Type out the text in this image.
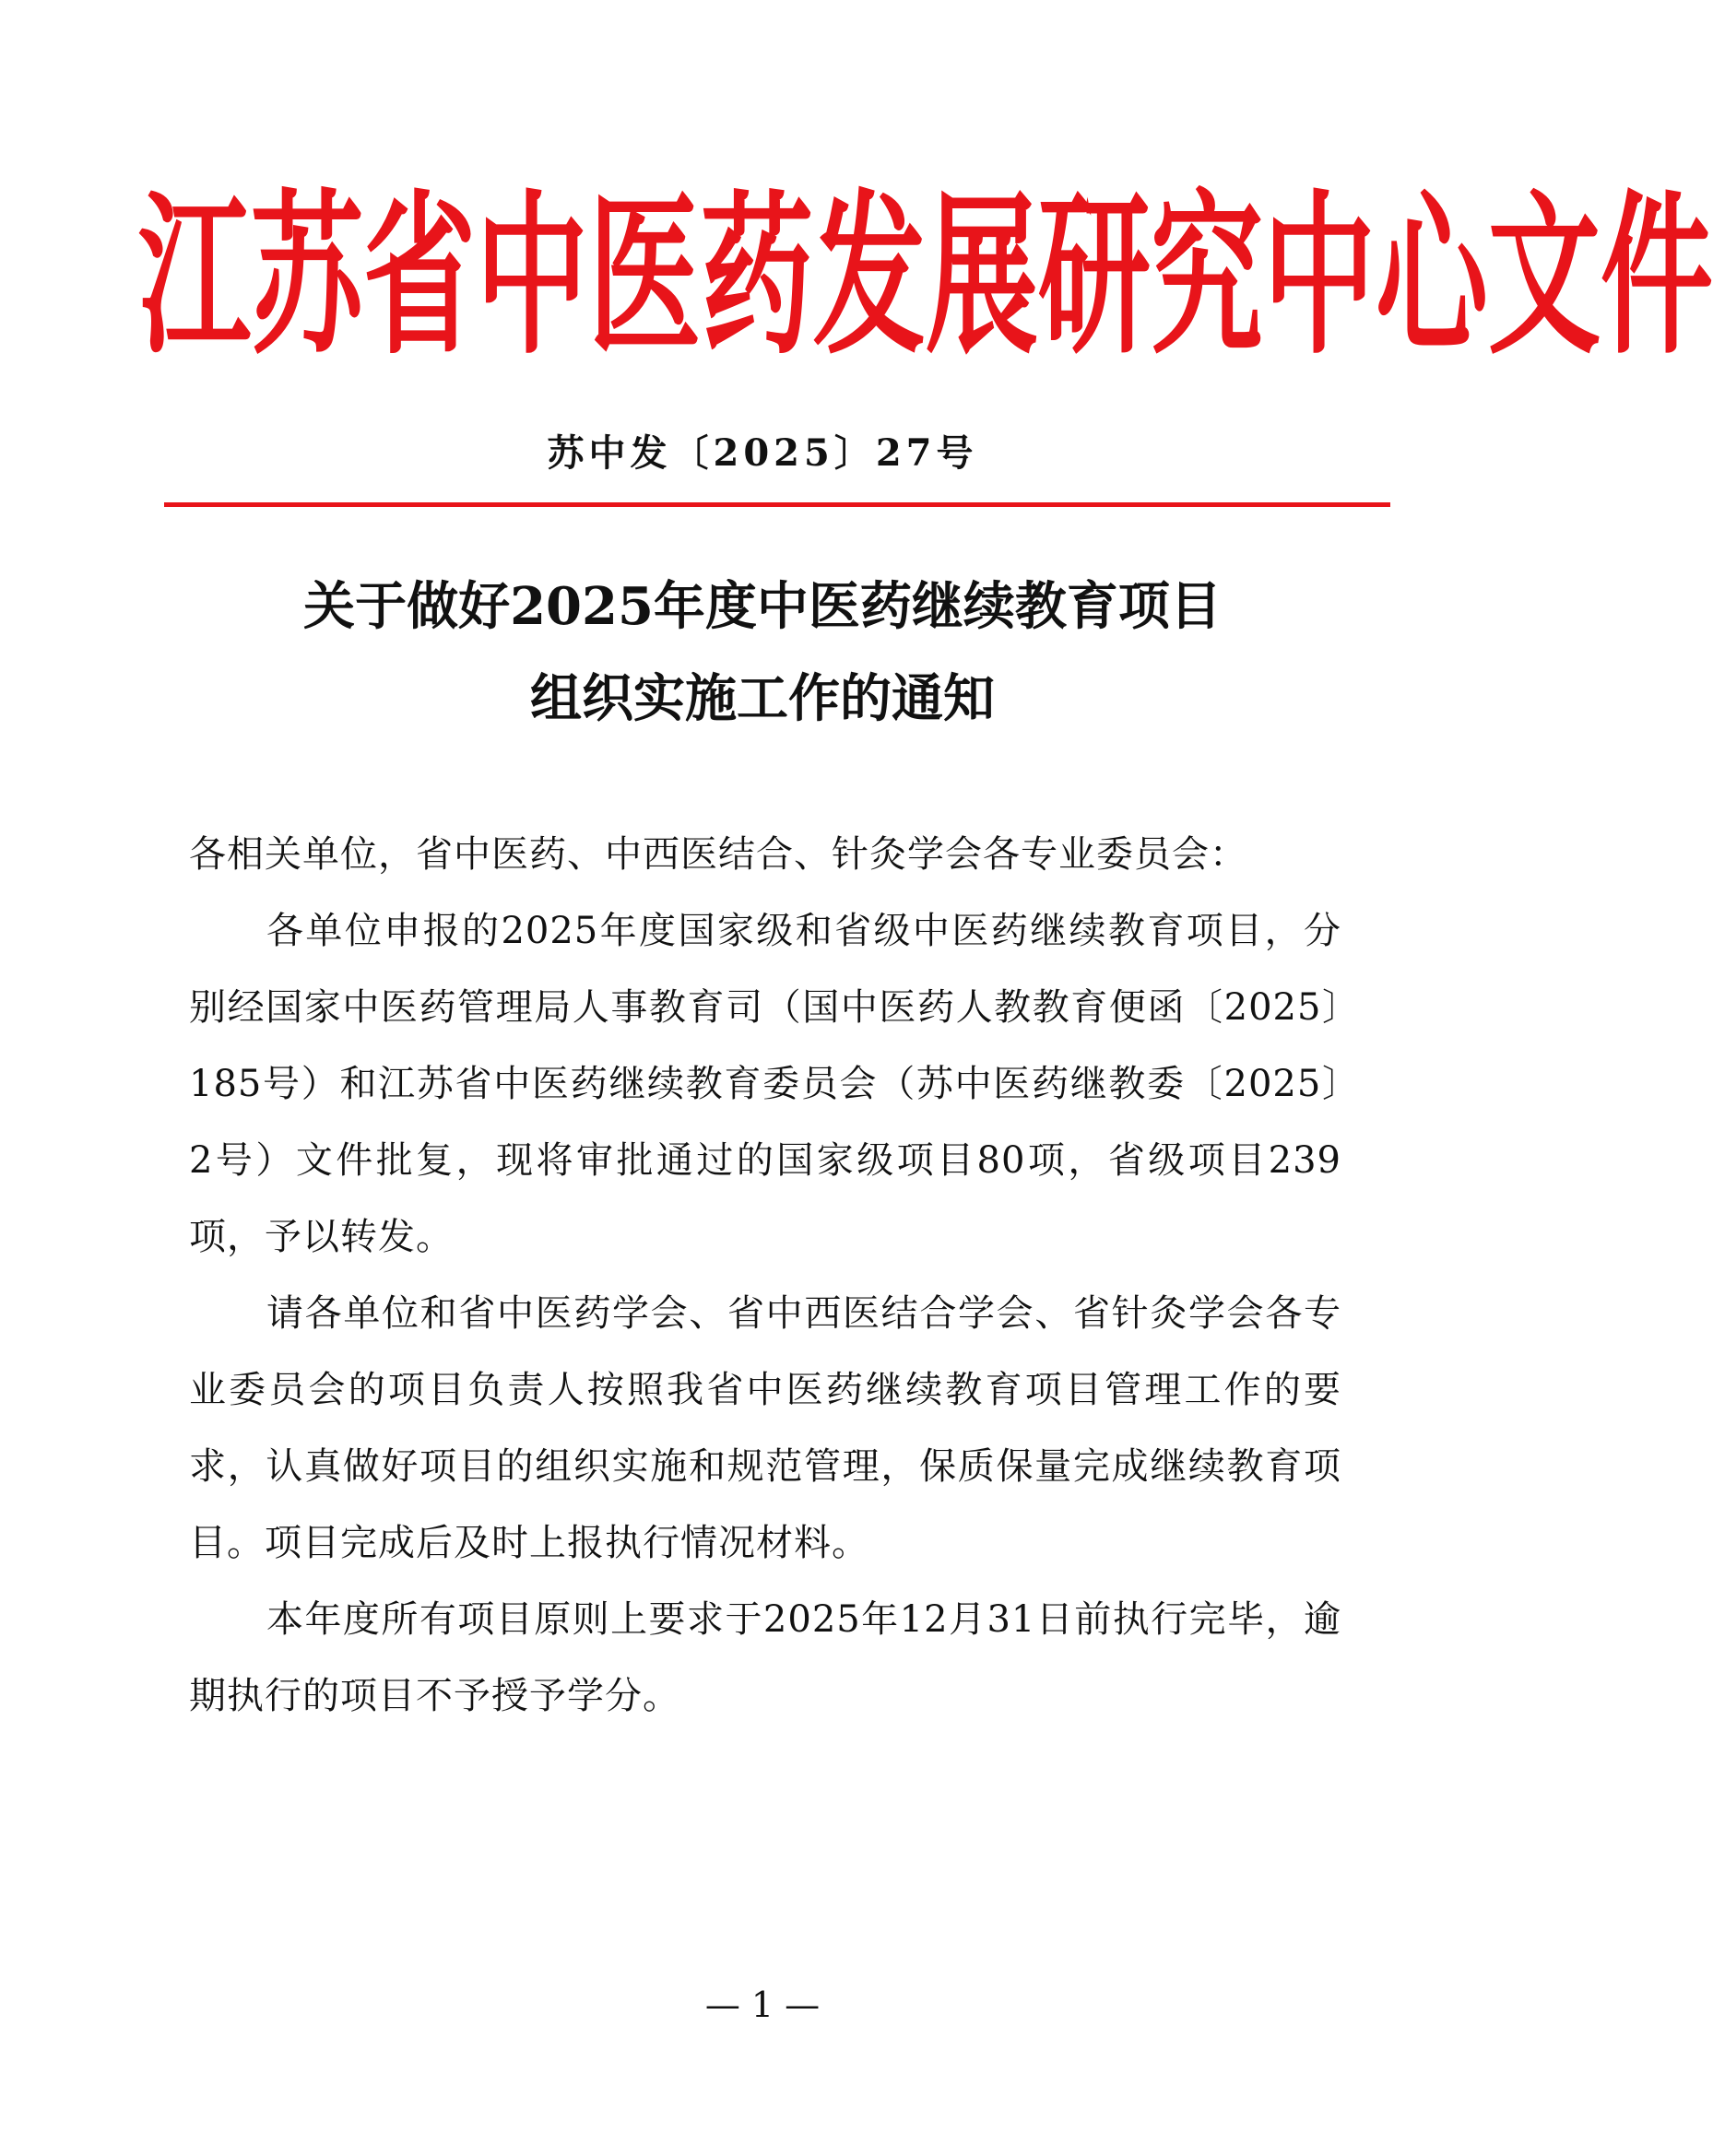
江 苏 省 中 医 药 发 展 研 究 中 心 文 件
苏中发〔2025〕27号
关于做好2025年度中医药继续教育项目
组织实施工作的通知

各相关单位，省中医药、中西医结合、针灸学会各专业委员会：

各单位申报的2025年度国家级和省级中医药继续教育项目，分别经国家中医药管理局人事教育司（国中医药人教教育便函〔2025〕185号）和江苏省中医药继续教育委员会（苏中医药继教委〔2025〕2号）文件批复，现将审批通过的国家级项目80项，省级项目239项，予以转发。

请各单位和省中医药学会、省中西医结合学会、省针灸学会各专业委员会的项目负责人按照我省中医药继续教育项目管理工作的要求，认真做好项目的组织实施和规范管理，保质保量完成继续教育项目。项目完成后及时上报执行情况材料。

本年度所有项目原则上要求于2025年12月31日前执行完毕，逾期执行的项目不予授予学分。

— 1 —
